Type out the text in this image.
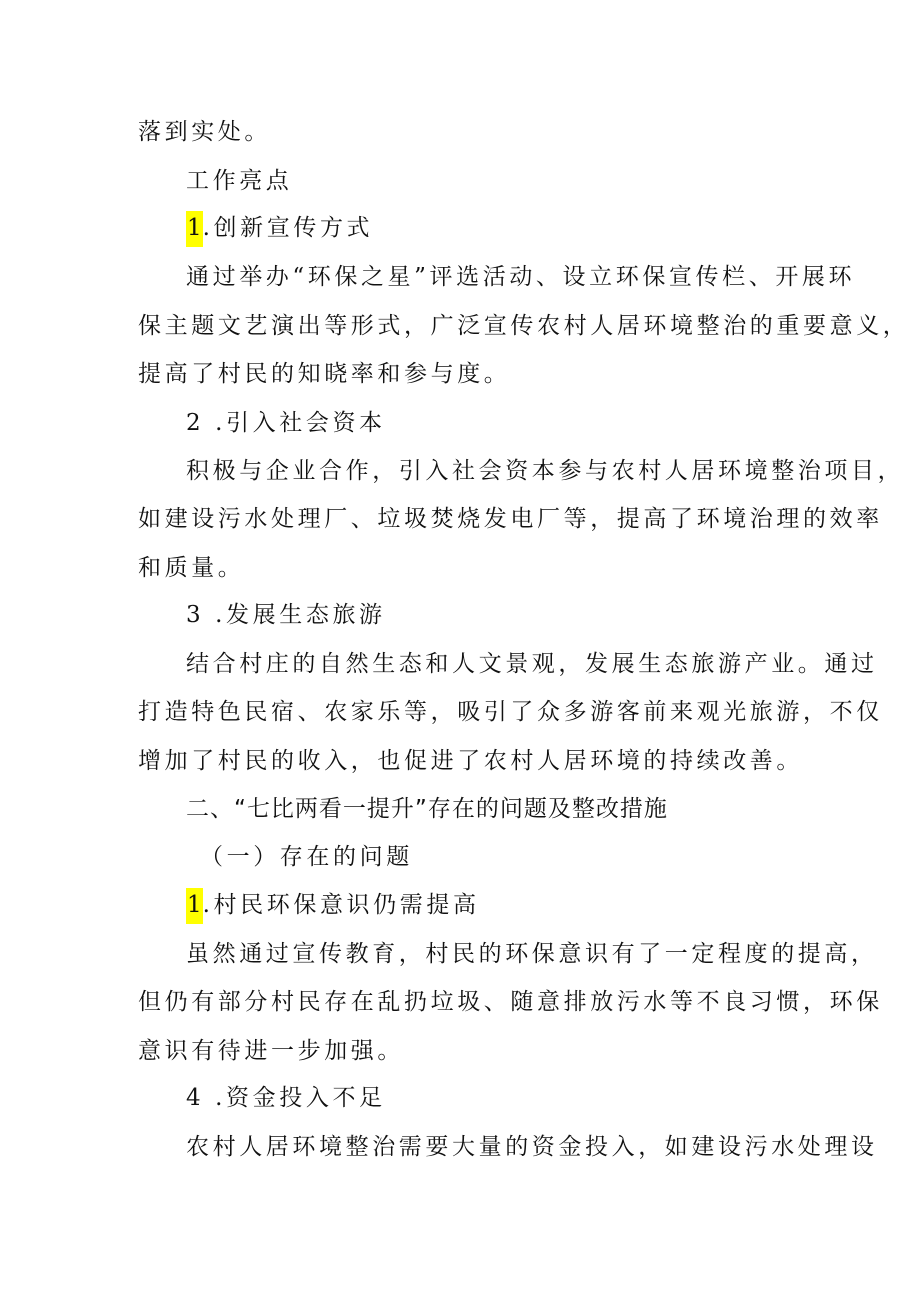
落到实处。
工作亮点
1.创新宣传方式
通过举办“环保之星”评选活动、设立环保宣传栏、开展环
保主题文艺演出等形式，广泛宣传农村人居环境整治的重要意义，
提高了村民的知晓率和参与度。
2 .引入社会资本
积极与企业合作，引入社会资本参与农村人居环境整治项目，
如建设污水处理厂、垃圾焚烧发电厂等，提高了环境治理的效率
和质量。
3 .发展生态旅游
结合村庄的自然生态和人文景观，发展生态旅游产业。通过
打造特色民宿、农家乐等，吸引了众多游客前来观光旅游，不仅
增加了村民的收入，也促进了农村人居环境的持续改善。
二、“七比两看一提升”存在的问题及整改措施
（一）存在的问题
1.村民环保意识仍需提高
虽然通过宣传教育，村民的环保意识有了一定程度的提高，
但仍有部分村民存在乱扔垃圾、随意排放污水等不良习惯，环保
意识有待进一步加强。
4 .资金投入不足
农村人居环境整治需要大量的资金投入，如建设污水处理设
